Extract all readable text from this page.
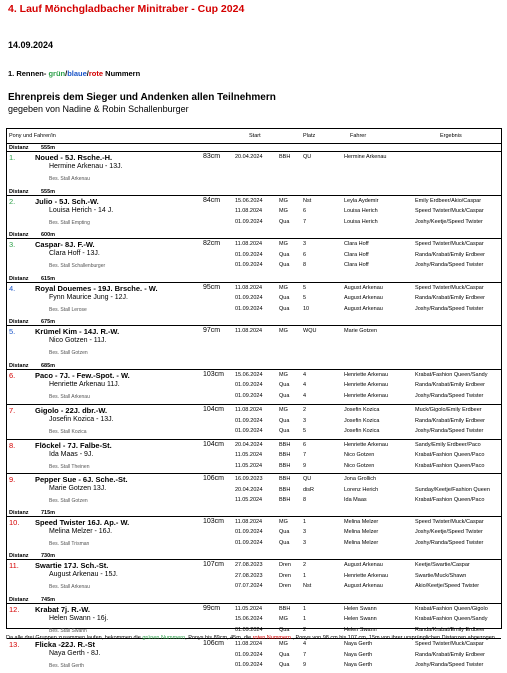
4. Lauf Mönchgladbacher Minitraber - Cup 2024
14.09.2024
1. Rennen- grün/blaue/rote Nummern
Ehrenpreis dem Sieger und Andenken allen Teilnehmern
gegeben von Nadine & Robin Schallenburger
Pony und Fahrer/in	Start	Platz	Fahrer	Ergebnis
Distanz 555m
1.	Noued - 5J. Rsche.-H.	83cm
Hermine Arkenau - 13J.
Bes. Stall Arkenau
20.04.2024	BBH QU	Hermine Arkenau
Distanz 555m
2.	Julio - 5J. Sch.-W.	84cm
Louisa Herich - 14 J.
Bes. Stall Empting
15.06.2024	MG	Nst	Leyla Aydemir	Emily Erdbeer/Akio/Caspar
11.08.2024	MG	6	Louisa Herich	Speed Twister/Muck/Caspar
01.09.2024	Qua 7	Louisa Herich	Joshy/Keetje/Speed Twister
Distanz 600m
3.	Caspar- 8J. F.-W.	82cm
Clara Hoff - 13J.
Bes. Stall Schallenburger
11.08.2024	MG	3	Clara Hoff	Speed Twister/Muck/Caspar
01.09.2024	Qua 6	Clara Hoff	Randa/Krabat/Emily Erdbeer
01.09.2024	Qua 8	Clara Hoff	Joshy/Randa/Speed Twister
Distanz 615m
4.	Royal Douemes - 19J. Brsche. - W.	95cm
Fynn Maurice Jung - 12J.
Bes. Stall Lerose
11.08.2024	MG	5	August Arkenau	Speed Twister/Muck/Caspar
01.09.2024	Qua 5	August Arkenau	Randa/Krabat/Emily Erdbeer
01.09.2024	Qua 10	August Arkenau	Joshy/Randa/Speed Twister
Distanz 675m
5.	Krümel Kim - 14J. R.-W.	97cm
Nico Gotzen - 11J.
Bes. Stall Gotzen
11.08.2024	MG	WQU	Marie Gotzen
Distanz 685m
6.	Paco - 7J. - Few.-Spot. - W.	103cm
Henriette Arkenau 11J.
Bes. Stall Arkenau
15.06.2024	MG	4	Henriette Arkenau	Krabat/Fashion Queen/Sandy
01.09.2024	Qua 4	Henriette Arkenau	Randa/Krabat/Emily Erdbeer
01.09.2024	Qua 4	Henriette Arkenau	Joshy/Randa/Speed Twister
7.	Gigolo - 22J. dbr.-W.	104cm
Josefin Kozica - 13J.
Bes. Stall Kozica
11.08.2024	MG	2	Josefin Kozica	Muck/Gigolo/Emily Erdbeer
01.09.2024	Qua 3	Josefin Kozica	Randa/Krabat/Emily Erdbeer
01.09.2024	Qua 5	Josefin Kozica	Joshy/Randa/Speed Twister
8.	Flöckel - 7J. Falbe-St.	104cm
Ida Maas - 9J.
Bes. Stall Theinen
20.04.2024	BBH 6	Henriette Arkenau	Sandy/Emily Erdbeer/Paco
11.05.2024	BBH 7	Nico Gotzen	Krabat/Fashion Queen/Paco
11.05.2024	BBH 9	Nico Gotzen	Krabat/Fashion Queen/Paco
9.	Pepper Sue - 6J. Sche.-St.	106cm
Marie Gotzen 13J.
Bes. Stall Gotzen
16.09.2023	BBH QU	Jona Grollich
20.04.2024	BBH disR	Lorenz Herich	Sunday/Keetje/Fashion Queen
11.05.2024	BBH 8	Ida Maas	Krabat/Fashion Queen/Paco
Distanz 715m
10. Speed Twister 16J. Ap.- W.	103cm
Melina Melzer - 16J.
Bes. Stall Trisman
11.08.2024	MG	1	Melina Melzer	Speed Twister/Muck/Caspar
01.09.2024	Qua 3	Melina Melzer	Joshy/Keetje/Speed Twister
01.09.2024	Qua 3	Melina Melzer	Joshy/Randa/Speed Twister
Distanz 730m
11. Swartie 17J. Sch.-St.	107cm
August Arkenau - 15J.
Bes. Stall Arkenau
27.08.2023	Dren 2	August Arkenau	Keetje/Swartie/Caspar
27.08.2023	Dren 1	Henriette Arkenau	Swartie/Muck/Shawn
07.07.2024	Dren Nst	August Arkenau	Akio/Keetje/Speed Twister
Distanz 745m
12. Krabat 7j. R.-W.	99cm
Helen Swann - 16j.
Bes. Stall Swann
11.05.2024	BBH 1	Helen Swann	Krabat/Fashion Queen/Gigolo
15.06.2024	MG	1	Helen Swann	Krabat/Fashion Queen/Sandy
01.09.2024	Qua 2	Helen Swann	Randa/Krabat/Emily Erdbeer
13. Flicka -22J. R.-St	106cm
Naya Gerth - 8J.
Bes. Stall Gerth
11.08.2024	MG	4	Naya Gerth	Speed Twister/Muck/Caspar
01.09.2024	Qua 7	Naya Gerth	Randa/Krabat/Emily Erdbeer
01.09.2024	Qua 9	Naya Gerth	Joshy/Randa/Speed Twister
Da alle drei Gruppen zusammen laufen, bekommen die grünen Nummern, Ponys bis 89cm, 45m, die roten Nummern , Ponys von 98 cm bis 107 cm, 15m von ihrer ursprünglichen Distanzen abgezogen
